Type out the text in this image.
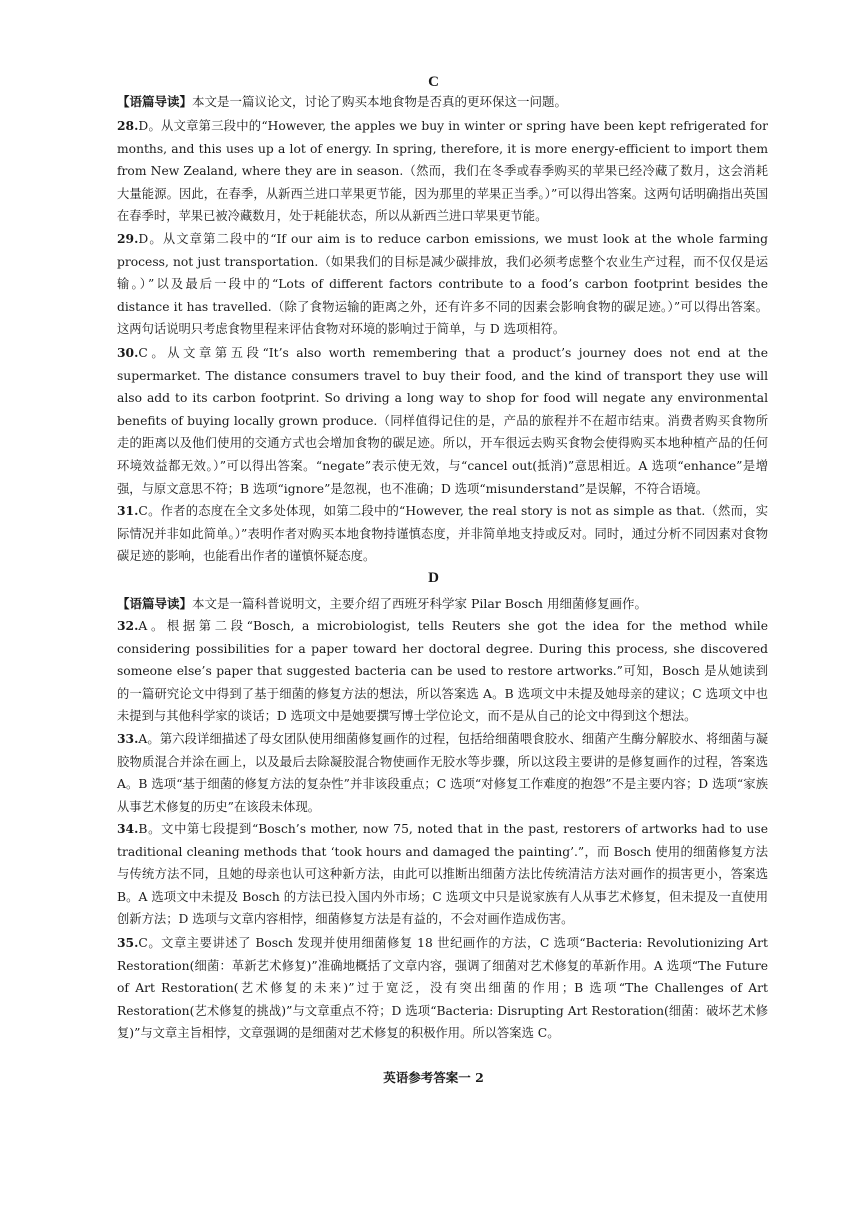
C
【语篇导读】本文是一篇议论文，讨论了购买本地食物是否真的更环保这一问题。
28.D。从文章第三段中的“However, the apples we buy in winter or spring have been kept refrigerated for months, and this uses up a lot of energy. In spring, therefore, it is more energy-efficient to import them from New Zealand, where they are in season.（然而，我们在冬季或春季购买的苹果已经冷藏了数月，这会消耗大量能源。因此，在春季，从新西兰进口苹果更节能，因为那里的苹果正当季。）”可以得出答案。这两句话明确指出英国在春季时，苹果已被冷藏数月，处于耗能状态，所以从新西兰进口苹果更节能。
29.D。从文章第二段中的“If our aim is to reduce carbon emissions, we must look at the whole farming process, not just transportation.（如果我们的目标是减少碳排放，我们必须考虑整个农业生产过程，而不仅仅是运输。）”以及最后一段中的“Lots of different factors contribute to a food’s carbon footprint besides the distance it has travelled.（除了食物运输的距离之外，还有许多不同的因素会影响食物的碳足迹。）”可以得出答案。这两句话说明只考虑食物里程来评估食物对环境的影响过于简单，与 D 选项相符。
30.C。从文章第五段“It’s also worth remembering that a product’s journey does not end at the supermarket. The distance consumers travel to buy their food, and the kind of transport they use will also add to its carbon footprint. So driving a long way to shop for food will negate any environmental benefits of buying locally grown produce.（同样值得记住的是，产品的旅程并不在超市结束。消费者购买食物所走的距离以及他们使用的交通方式也会增加食物的碳足迹。所以，开车很远去购买食物会使得购买本地种植产品的任何环境效益都无效。）”可以得出答案。“negate”表示使无效，与“cancel out(抵消)”意思相近。A 选项“enhance”是增强，与原文意思不符；B 选项“ignore”是忽视，也不准确；D 选项“misunderstand”是误解，不符合语境。
31.C。作者的态度在全文多处体现，如第二段中的“However, the real story is not as simple as that.（然而，实际情况并非如此简单。）”表明作者对购买本地食物持谨慎态度，并非简单地支持或反对。同时，通过分析不同因素对食物碳足迹的影响，也能看出作者的谨慎怀疑态度。
D
【语篇导读】本文是一篇科普说明文，主要介绍了西班牙科学家 Pilar Bosch 用细菌修复画作。
32.A。根据第二段“Bosch, a microbiologist, tells Reuters she got the idea for the method while considering possibilities for a paper toward her doctoral degree. During this process, she discovered someone else’s paper that suggested bacteria can be used to restore artworks.”可知，Bosch 是从她读到的一篇研究论文中得到了基于细菌的修复方法的想法，所以答案选 A。B 选项文中未提及她母亲的建议；C 选项文中也未提到与其他科学家的谈话；D 选项文中是她要撰写博士学位论文，而不是从自己的论文中得到这个想法。
33.A。第六段详细描述了母女团队使用细菌修复画作的过程，包括给细菌喂食胶水、细菌产生酶分解胶水、将细菌与凝胶物质混合并涂在画上，以及最后去除凝胶混合物使画作无胶水等步骤，所以这段主要讲的是修复画作的过程，答案选 A。B 选项“基于细菌的修复方法的复杂性”并非该段重点；C 选项“对修复工作难度的抱怨”不是主要内容；D 选项“家族从事艺术修复的历史”在该段未体现。
34.B。文中第七段提到“Bosch’s mother, now 75, noted that in the past, restorers of artworks had to use traditional cleaning methods that ‘took hours and damaged the painting’.”，而 Bosch 使用的细菌修复方法与传统方法不同，且她的母亲也认可这种新方法，由此可以推断出细菌方法比传统清洁方法对画作的损害更小，答案选 B。A 选项文中未提及 Bosch 的方法已投入国内外市场；C 选项文中只是说家族有人从事艺术修复，但未提及一直使用创新方法；D 选项与文章内容相悖，细菌修复方法是有益的，不会对画作造成伤害。
35.C。文章主要讲述了 Bosch 发现并使用细菌修复 18 世纪画作的方法，C 选项“Bacteria: Revolutionizing Art Restoration(细菌：革新艺术修复)”准确地概括了文章内容，强调了细菌对艺术修复的革新作用。A 选项“The Future of Art Restoration(艺术修复的未来)”过于宽泛，没有突出细菌的作用；B 选项“The Challenges of Art Restoration(艺术修复的挑战)”与文章重点不符；D 选项“Bacteria: Disrupting Art Restoration(细菌：破坏艺术修复)”与文章主旨相悖，文章强调的是细菌对艺术修复的积极作用。所以答案选 C。
英语参考答案一 2
